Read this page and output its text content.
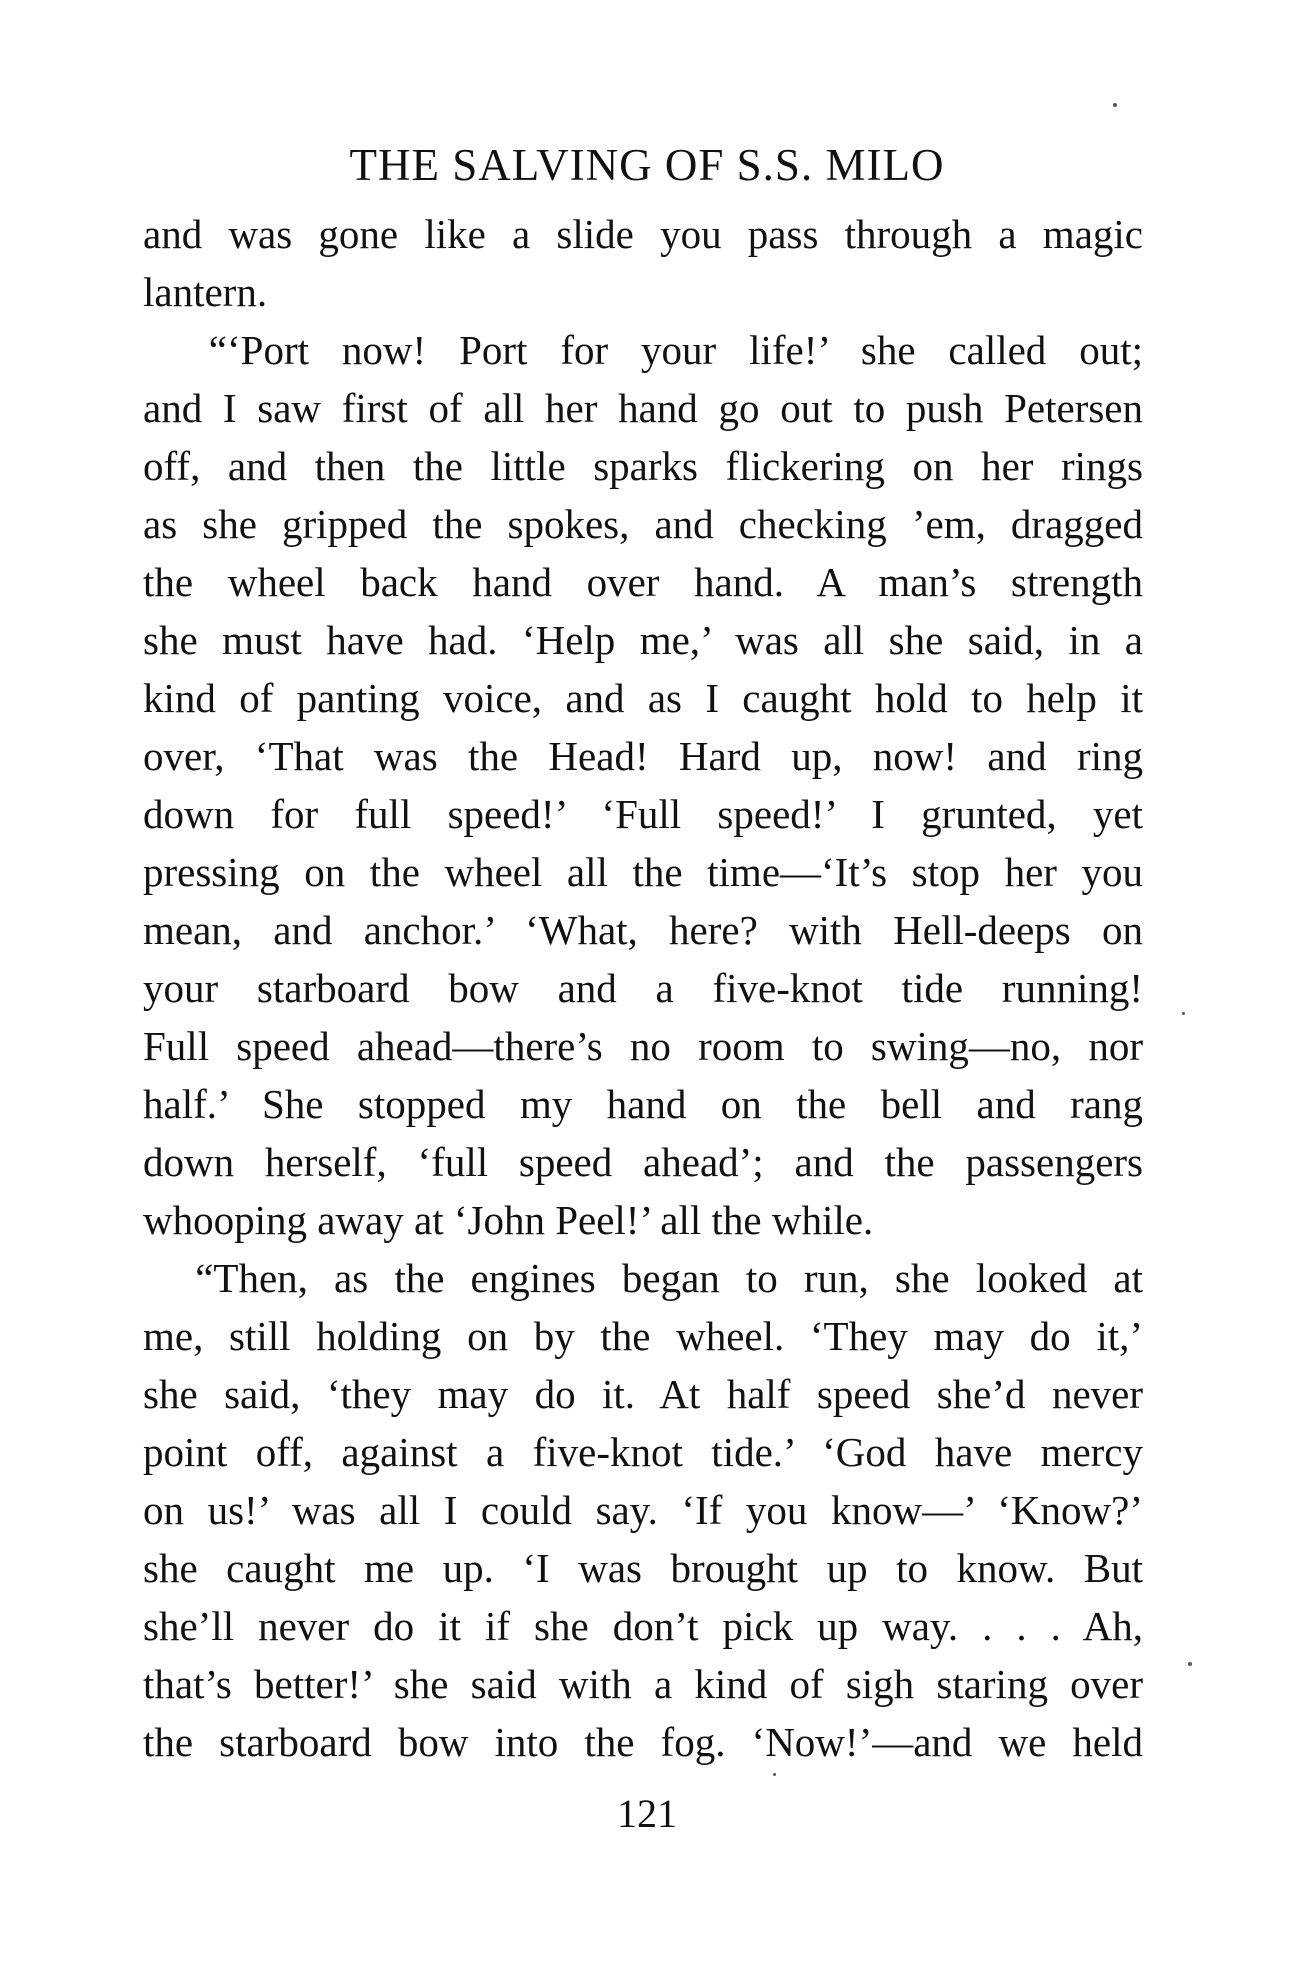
THE SALVING OF S.S. MILO
and was gone like a slide you pass through a magic
lantern.
“‘Port now! Port for your life!’ she called out;
and I saw first of all her hand go out to push Petersen
off, and then the little sparks flickering on her rings
as she gripped the spokes, and checking ’em, dragged
the wheel back hand over hand. A man’s strength
she must have had. ‘Help me,’ was all she said, in a
kind of panting voice, and as I caught hold to help it
over, ‘That was the Head! Hard up, now! and ring
down for full speed!’ ‘Full speed!’ I grunted, yet
pressing on the wheel all the time—‘It’s stop her you
mean, and anchor.’ ‘What, here? with Hell-deeps on
your starboard bow and a five-knot tide running!
Full speed ahead—there’s no room to swing—no, nor
half.’ She stopped my hand on the bell and rang
down herself, ‘full speed ahead’; and the passengers
whooping away at ‘John Peel!’ all the while.
“Then, as the engines began to run, she looked at
me, still holding on by the wheel. ‘They may do it,’
she said, ‘they may do it. At half speed she’d never
point off, against a five-knot tide.’ ‘God have mercy
on us!’ was all I could say. ‘If you know—’ ‘Know?’
she caught me up. ‘I was brought up to know. But
she’ll never do it if she don’t pick up way. . . . Ah,
that’s better!’ she said with a kind of sigh staring over
the starboard bow into the fog. ‘Now!’—and we held
121
